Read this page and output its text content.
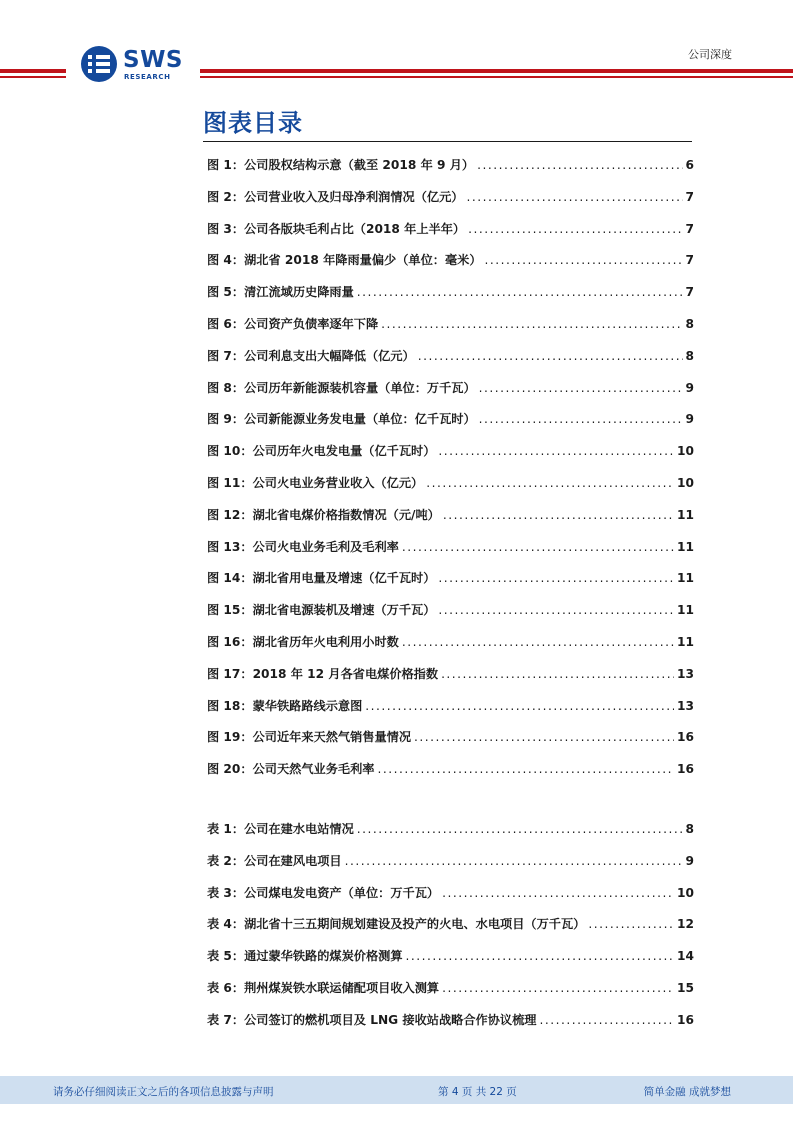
SWS
RESEARCH
公司深度
图表目录
图 1：公司股权结构示意（截至 2018 年 9 月） .....	6
图 2：公司营业收入及归母净利润情况（亿元） .....	7
图 3：公司各版块毛利占比（2018 年上半年） .....	7
图 4：湖北省 2018 年降雨量偏少（单位：毫米） .....	7
图 5：清江流域历史降雨量 .....	7
图 6：公司资产负债率逐年下降 .....	8
图 7：公司利息支出大幅降低（亿元） .....	8
图 8：公司历年新能源装机容量（单位：万千瓦） .....	9
图 9：公司新能源业务发电量（单位：亿千瓦时） .....	9
图 10：公司历年火电发电量（亿千瓦时） .....	10
图 11：公司火电业务营业收入（亿元） .....	10
图 12：湖北省电煤价格指数情况（元/吨） .....	11
图 13：公司火电业务毛利及毛利率 .....	11
图 14：湖北省用电量及增速（亿千瓦时） .....	11
图 15：湖北省电源装机及增速（万千瓦） .....	11
图 16：湖北省历年火电利用小时数 .....	11
图 17：2018 年 12 月各省电煤价格指数 .....	13
图 18：蒙华铁路路线示意图 .....	13
图 19：公司近年来天然气销售量情况 .....	16
图 20：公司天然气业务毛利率 .....	16
表 1：公司在建水电站情况 .....	8
表 2：公司在建风电项目 .....	9
表 3：公司煤电发电资产（单位：万千瓦） .....	10
表 4：湖北省十三五期间规划建设及投产的火电、水电项目（万千瓦） .....	12
表 5：通过蒙华铁路的煤炭价格测算 .....	14
表 6：荆州煤炭铁水联运储配项目收入测算 .....	15
表 7：公司签订的燃机项目及 LNG 接收站战略合作协议梳理 .....	16
请务必仔细阅读正文之后的各项信息披露与声明	第 4 页 共 22 页	简单金融 成就梦想
